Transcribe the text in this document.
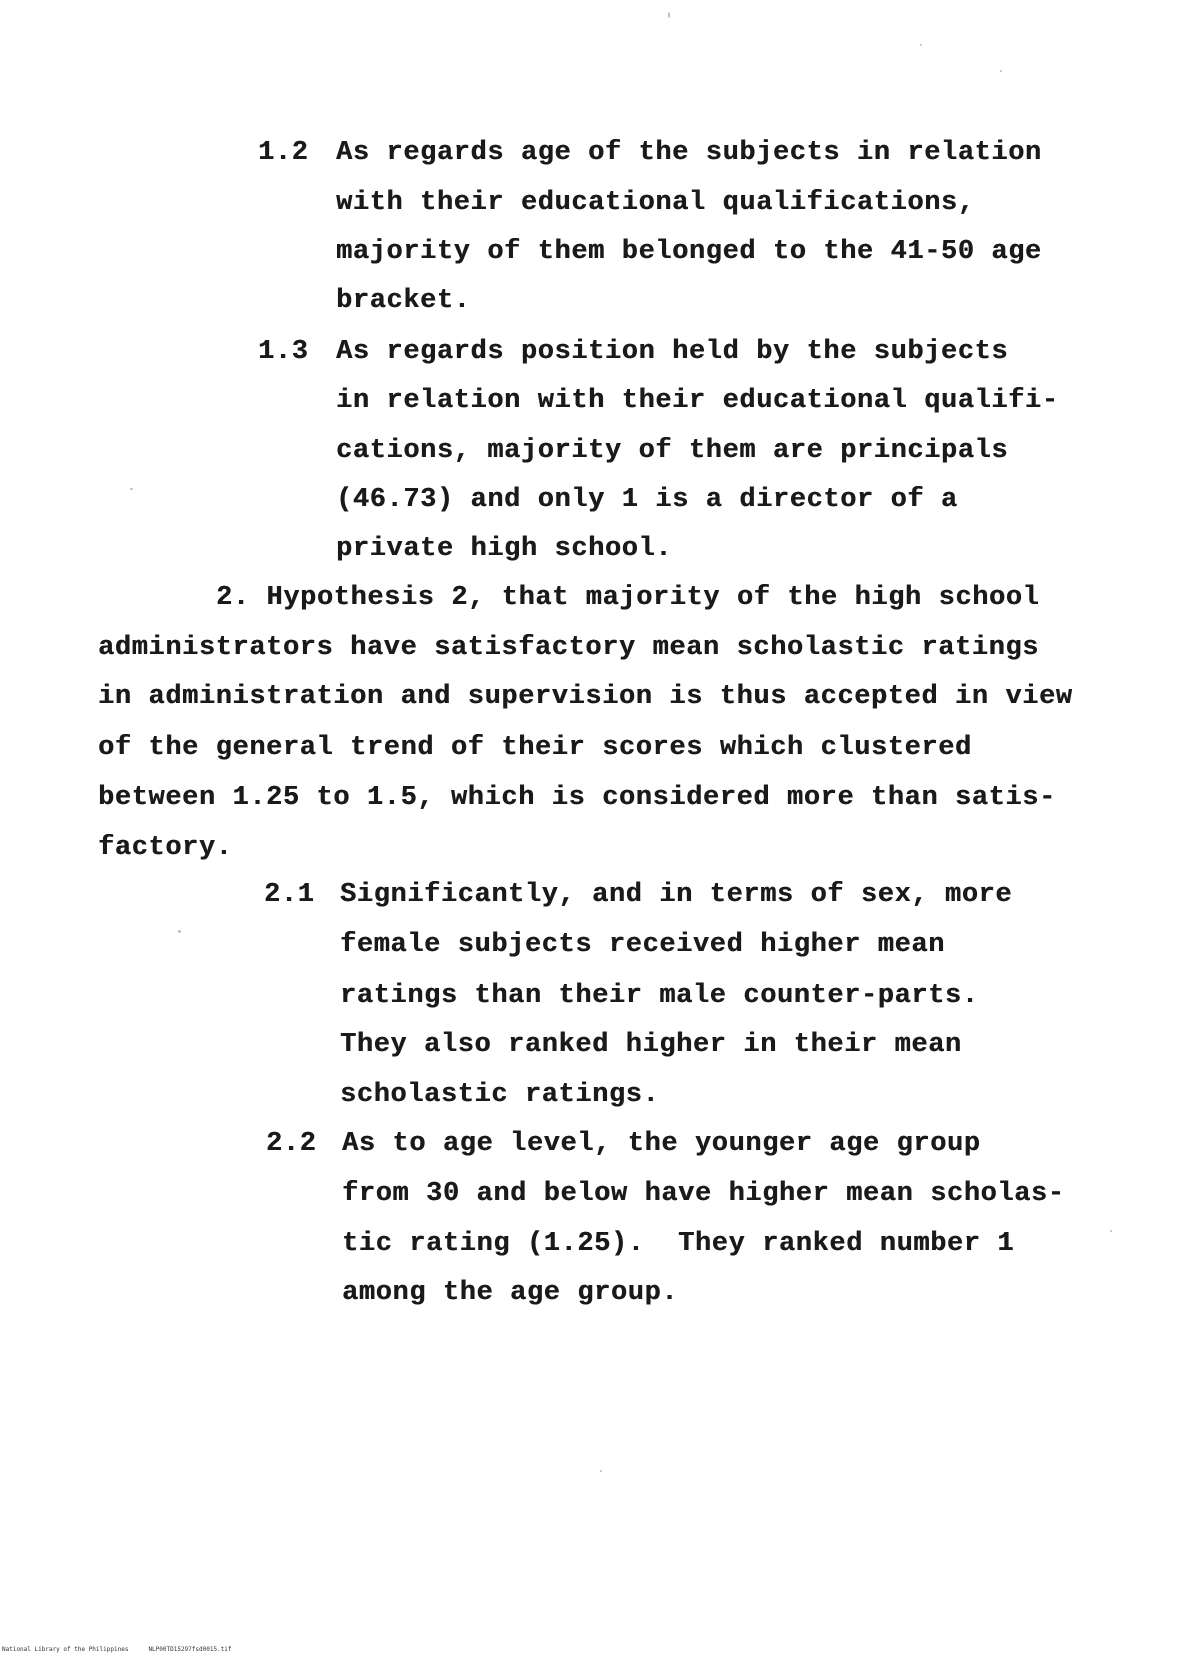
1.2 As regards age of the subjects in relation
with their educational qualifications,
majority of them belonged to the 41-50 age
bracket.
1.3 As regards position held by the subjects
in relation with their educational qualifi-
cations, majority of them are principals
(46.73) and only 1 is a director of a
private high school.
2. Hypothesis 2, that majority of the high school
administrators have satisfactory mean scholastic ratings
in administration and supervision is thus accepted in view
of the general trend of their scores which clustered
between 1.25 to 1.5, which is considered more than satis-
factory.
2.1 Significantly, and in terms of sex, more
female subjects received higher mean
ratings than their male counter-parts.
They also ranked higher in their mean
scholastic ratings.
2.2 As to age level, the younger age group
from 30 and below have higher mean scholas-
tic rating (1.25).  They ranked number 1
among the age group.
National Library of the Philippines	NLP00TD15297fsd0015.tif
